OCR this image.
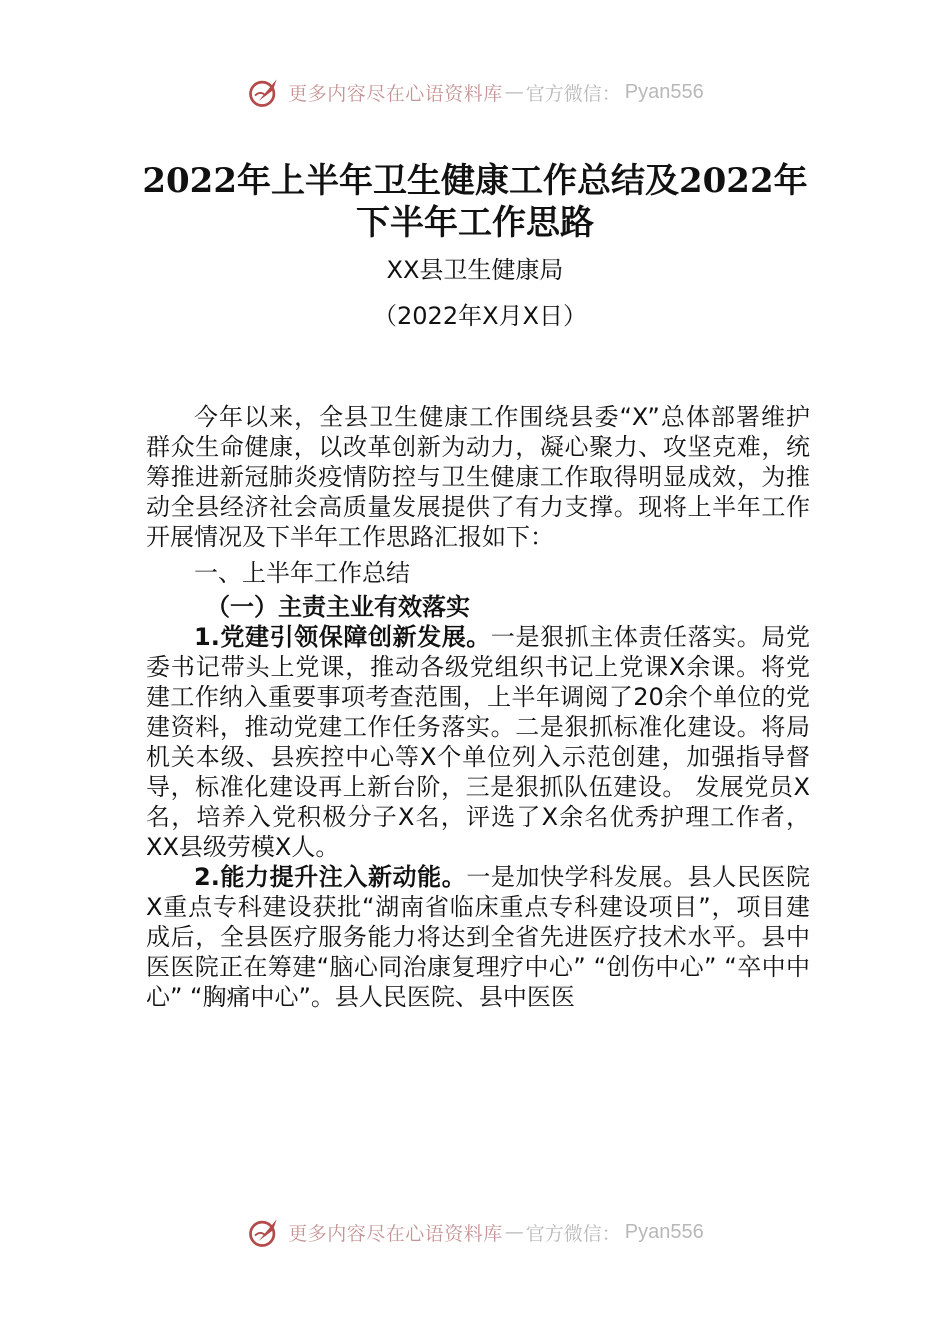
更多内容尽在心语资料库 — 官方微信： Pyan556
2022年上半年卫生健康工作总结及2022年下半年工作思路
XX县卫生健康局
（2022年X月X日）

今年以来，全县卫生健康工作围绕县委“X”总体部署维护群众生命健康，以改革创新为动力，凝心聚力、攻坚克难，统筹推进新冠肺炎疫情防控与卫生健康工作取得明显成效，为推动全县经济社会高质量发展提供了有力支撑。现将上半年工作开展情况及下半年工作思路汇报如下：

一、上半年工作总结

（一）主责主业有效落实

1.党建引领保障创新发展。一是狠抓主体责任落实。局党委书记带头上党课，推动各级党组织书记上党课X余课。将党建工作纳入重要事项考查范围，上半年调阅了20余个单位的党建资料，推动党建工作任务落实。二是狠抓标准化建设。将局机关本级、县疾控中心等X个单位列入示范创建，加强指导督导，标准化建设再上新台阶，三是狠抓队伍建设。 发展党员X名，培养入党积极分子X名，评选了X余名优秀护理工作者，XX县级劳模X人。

2.能力提升注入新动能。一是加快学科发展。县人民医院X重点专科建设获批“湖南省临床重点专科建设项目”，项目建成后，全县医疗服务能力将达到全省先进医疗技术水平。县中医医院正在筹建“脑心同治康复理疗中心” “创伤中心” “卒中中心” “胸痛中心”。县人民医院、县中医医

更多内容尽在心语资料库 — 官方微信： Pyan556
